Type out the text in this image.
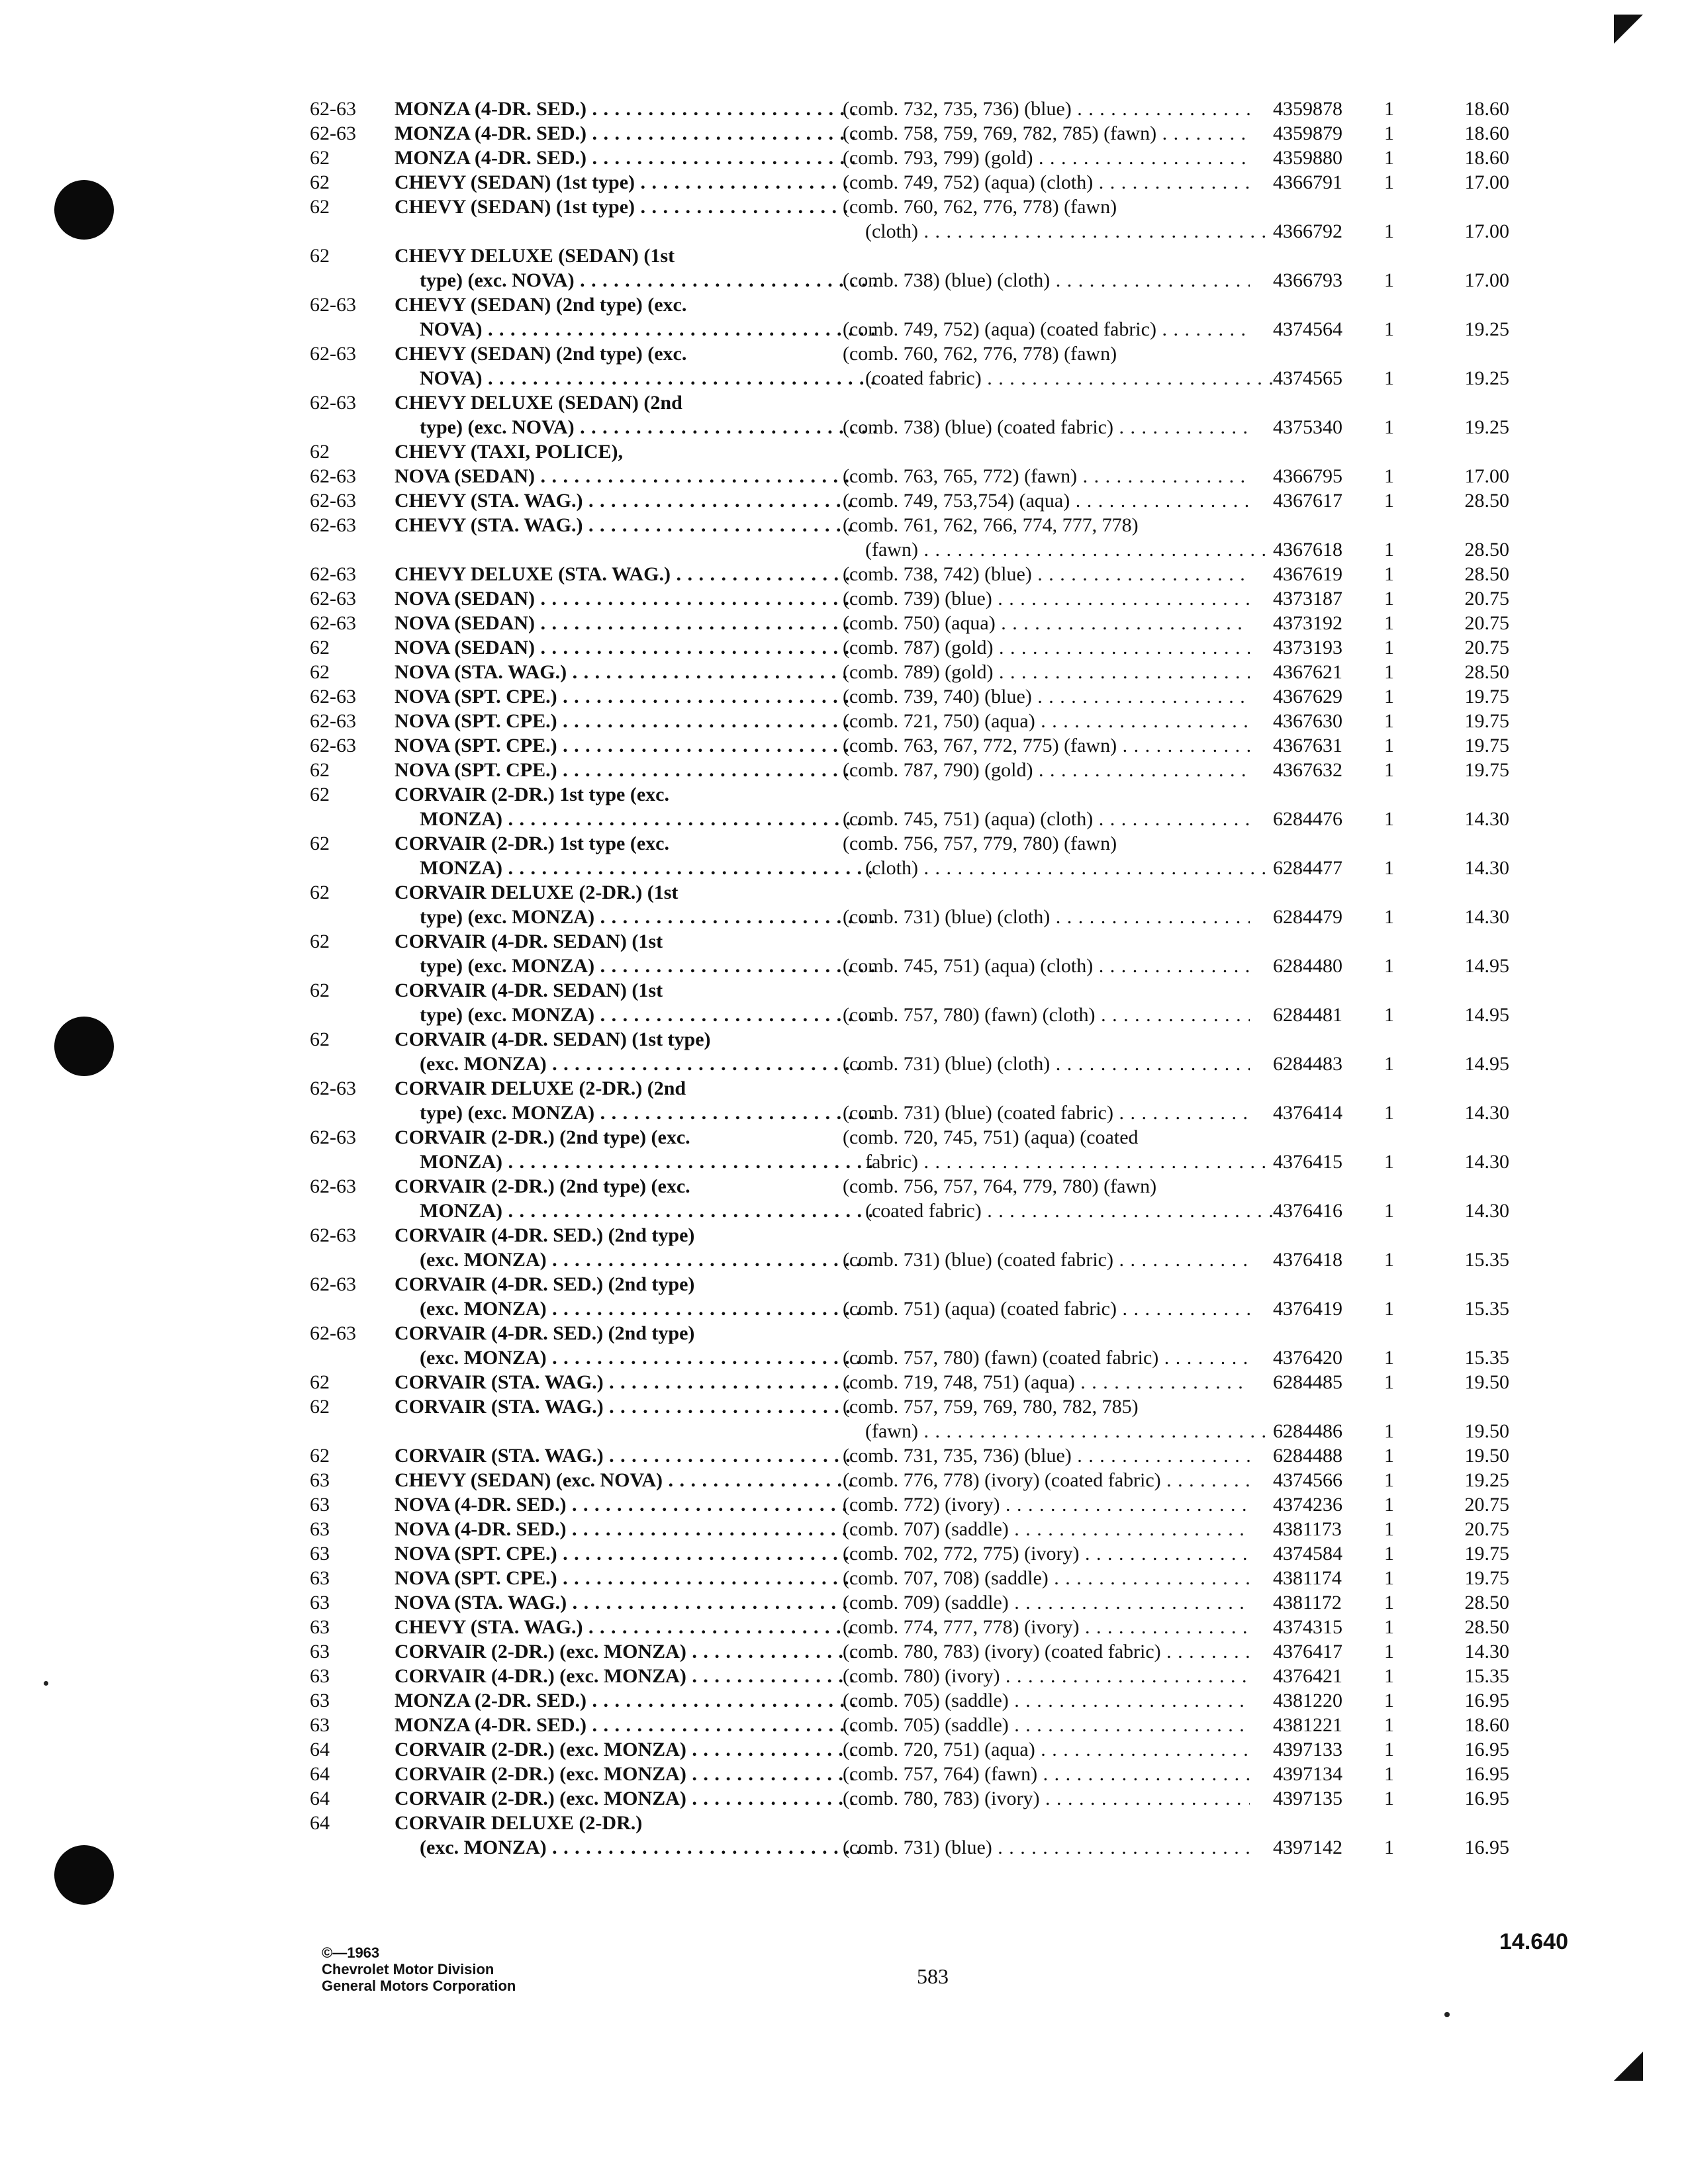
62-63 MONZA (4-DR. SED.) . . .	(comb. 732, 735, 736) (blue) . . .	4359878 1	18.60
62-63 MONZA (4-DR. SED.) . . .	(comb. 758, 759, 769, 782, 785) (fawn) . . .	4359879 1	18.60
62	MONZA (4-DR. SED.) . . .	(comb. 793, 799) (gold) . . .	4359880 1	18.60
62	CHEVY (SEDAN) (1st type) . . .	(comb. 749, 752) (aqua) (cloth) . . .	4366791 1	17.00
62	CHEVY (SEDAN) (1st type) . . .	(comb. 760, 762, 776, 778) (fawn)
(cloth) . . .	4366792 1	17.00
62	CHEVY DELUXE (SEDAN) (1st
type) (exc. NOVA) . . .	(comb. 738) (blue) (cloth) . . .	4366793 1	17.00
62-63 CHEVY (SEDAN) (2nd type) (exc.
NOVA) . . .	(comb. 749, 752) (aqua) (coated fabric) . . .	4374564 1	19.25
62-63 CHEVY (SEDAN) (2nd type) (exc.
NOVA) . . .
(comb. 760, 762, 776, 778) (fawn)
(coated fabric) . . .	4374565 1	19.25
62-63 CHEVY DELUXE (SEDAN) (2nd
type) (exc. NOVA) . . .	(comb. 738) (blue) (coated fabric) . . .	4375340 1	19.25
62	CHEVY (TAXI, POLICE),
62-63 NOVA (SEDAN) . . .	(comb. 763, 765, 772) (fawn) . . .	4366795 1	17.00
62-63 CHEVY (STA. WAG.) . . .	(comb. 749, 753,754) (aqua) . . .	4367617 1	28.50
62-63 CHEVY (STA. WAG.) . . .	(comb. 761, 762, 766, 774, 777, 778)
(fawn) . . .	4367618 1	28.50
62-63 CHEVY DELUXE (STA. WAG.) . . .	(comb. 738, 742) (blue) . . .	4367619 1	28.50
62-63 NOVA (SEDAN) . . .	(comb. 739) (blue) . . .	4373187 1	20.75
62-63 NOVA (SEDAN) . . .	(comb. 750) (aqua) . . .	4373192 1	20.75
62	NOVA (SEDAN) . . .	(comb. 787) (gold) . . .	4373193 1	20.75
62	NOVA (STA. WAG.) . . .	(comb. 789) (gold) . . .	4367621 1	28.50
62-63 NOVA (SPT. CPE.) . . .	(comb. 739, 740) (blue) . . .	4367629 1	19.75
62-63 NOVA (SPT. CPE.) . . .	(comb. 721, 750) (aqua) . . .	4367630 1	19.75
62-63 NOVA (SPT. CPE.) . . .	(comb. 763, 767, 772, 775) (fawn) . . .	4367631 1	19.75
62	NOVA (SPT. CPE.) . . .	(comb. 787, 790) (gold) . . .	4367632 1	19.75
62	CORVAIR (2-DR.) 1st type (exc.
MONZA) . . .	(comb. 745, 751) (aqua) (cloth) . . .	6284476 1	14.30
62	CORVAIR (2-DR.) 1st type (exc.
MONZA) . . .
(comb. 756, 757, 779, 780) (fawn)
(cloth) . . .	6284477 1	14.30
62	CORVAIR DELUXE (2-DR.) (1st
type) (exc. MONZA) . . .	(comb. 731) (blue) (cloth) . . .	6284479 1	14.30
62	CORVAIR (4-DR. SEDAN) (1st
type) (exc. MONZA) . . .	(comb. 745, 751) (aqua) (cloth) . . .	6284480 1	14.95
62	CORVAIR (4-DR. SEDAN) (1st
type) (exc. MONZA) . . .	(comb. 757, 780) (fawn) (cloth) . . .	6284481 1	14.95
62	CORVAIR (4-DR. SEDAN) (1st type)
(exc. MONZA) . . .	(comb. 731) (blue) (cloth) . . .	6284483 1	14.95
62-63 CORVAIR DELUXE (2-DR.) (2nd
type) (exc. MONZA) . . .	(comb. 731) (blue) (coated fabric) . . .	4376414 1	14.30
62-63 CORVAIR (2-DR.) (2nd type) (exc.
MONZA) . . .
(comb. 720, 745, 751) (aqua) (coated
fabric) . . .	4376415 1	14.30
62-63 CORVAIR (2-DR.) (2nd type) (exc.
MONZA) . . .
(comb. 756, 757, 764, 779, 780) (fawn)
(coated fabric) . . .	4376416 1	14.30
62-63 CORVAIR (4-DR. SED.) (2nd type)
(exc. MONZA) . . .	(comb. 731) (blue) (coated fabric) . . .	4376418 1	15.35
62-63 CORVAIR (4-DR. SED.) (2nd type)
(exc. MONZA) . . .	(comb. 751) (aqua) (coated fabric) . . .	4376419 1	15.35
62-63 CORVAIR (4-DR. SED.) (2nd type)
(exc. MONZA) . . .	(comb. 757, 780) (fawn) (coated fabric) . . .	4376420 1	15.35
62	CORVAIR (STA. WAG.) . . .	(comb. 719, 748, 751) (aqua) . . .	6284485 1	19.50
62	CORVAIR (STA. WAG.) . . .	(comb. 757, 759, 769, 780, 782, 785)
(fawn) . . .	6284486 1	19.50
62	CORVAIR (STA. WAG.) . . .	(comb. 731, 735, 736) (blue) . . .	6284488 1	19.50
63	CHEVY (SEDAN) (exc. NOVA) . . .	(comb. 776, 778) (ivory) (coated fabric) . . .	4374566 1	19.25
63	NOVA (4-DR. SED.) . . .	(comb. 772) (ivory) . . .	4374236 1	20.75
63	NOVA (4-DR. SED.) . . .	(comb. 707) (saddle) . . .	4381173 1	20.75
63	NOVA (SPT. CPE.) . . .	(comb. 702, 772, 775) (ivory) . . .	4374584 1	19.75
63	NOVA (SPT. CPE.) . . .	(comb. 707, 708) (saddle) . . .	4381174 1	19.75
63	NOVA (STA. WAG.) . . .	(comb. 709) (saddle) . . .	4381172 1	28.50
63	CHEVY (STA. WAG.) . . .	(comb. 774, 777, 778) (ivory) . . .	4374315 1	28.50
63	CORVAIR (2-DR.) (exc. MONZA) . . .	(comb. 780, 783) (ivory) (coated fabric) . . .	4376417 1	14.30
63	CORVAIR (4-DR.) (exc. MONZA) . . .	(comb. 780) (ivory) . . .	4376421 1	15.35
63	MONZA (2-DR. SED.) . . .	(comb. 705) (saddle) . . .	4381220 1	16.95
63	MONZA (4-DR. SED.) . . .	(comb. 705) (saddle) . . .	4381221 1	18.60
64	CORVAIR (2-DR.) (exc. MONZA) . . .	(comb. 720, 751) (aqua) . . .	4397133 1	16.95
64	CORVAIR (2-DR.) (exc. MONZA) . . .	(comb. 757, 764) (fawn) . . .	4397134 1	16.95
64	CORVAIR (2-DR.) (exc. MONZA) . . .	(comb. 780, 783) (ivory) . . .	4397135 1	16.95
64	CORVAIR DELUXE (2-DR.)
(exc. MONZA) . . .	(comb. 731) (blue) . . .	4397142 1	16.95
©—1963
Chevrolet Motor Division
General Motors Corporation	583
14.640
